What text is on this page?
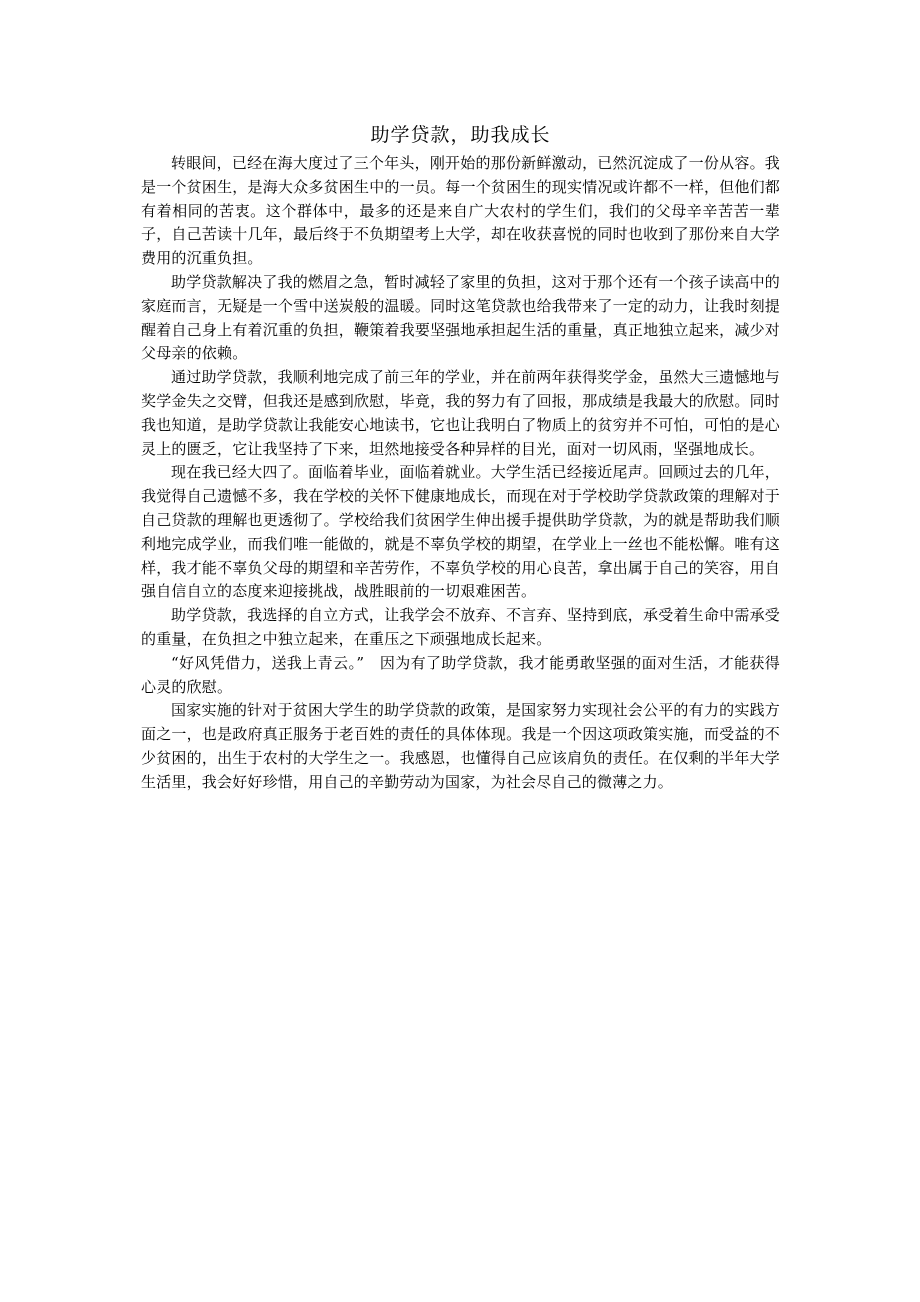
助学贷款，助我成长

转眼间，已经在海大度过了三个年头，刚开始的那份新鲜激动，已然沉淀成了一份从容。我是一个贫困生，是海大众多贫困生中的一员。每一个贫困生的现实情况或许都不一样，但他们都有着相同的苦衷。这个群体中，最多的还是来自广大农村的学生们，我们的父母辛辛苦苦一辈子，自己苦读十几年，最后终于不负期望考上大学，却在收获喜悦的同时也收到了那份来自大学费用的沉重负担。

助学贷款解决了我的燃眉之急，暂时减轻了家里的负担，这对于那个还有一个孩子读高中的家庭而言，无疑是一个雪中送炭般的温暖。同时这笔贷款也给我带来了一定的动力，让我时刻提醒着自己身上有着沉重的负担，鞭策着我要坚强地承担起生活的重量，真正地独立起来，减少对父母亲的依赖。

通过助学贷款，我顺利地完成了前三年的学业，并在前两年获得奖学金，虽然大三遗憾地与奖学金失之交臂，但我还是感到欣慰，毕竟，我的努力有了回报，那成绩是我最大的欣慰。同时我也知道，是助学贷款让我能安心地读书，它也让我明白了物质上的贫穷并不可怕，可怕的是心灵上的匮乏，它让我坚持了下来，坦然地接受各种异样的目光，面对一切风雨，坚强地成长。

现在我已经大四了。面临着毕业，面临着就业。大学生活已经接近尾声。回顾过去的几年，我觉得自己遗憾不多，我在学校的关怀下健康地成长，而现在对于学校助学贷款政策的理解对于自己贷款的理解也更透彻了。学校给我们贫困学生伸出援手提供助学贷款，为的就是帮助我们顺利地完成学业，而我们唯一能做的，就是不辜负学校的期望，在学业上一丝也不能松懈。唯有这样，我才能不辜负父母的期望和辛苦劳作，不辜负学校的用心良苦，拿出属于自己的笑容，用自强自信自立的态度来迎接挑战，战胜眼前的一切艰难困苦。

助学贷款，我选择的自立方式，让我学会不放弃、不言弃、坚持到底，承受着生命中需承受的重量，在负担之中独立起来，在重压之下顽强地成长起来。

“好风凭借力，送我上青云。”　因为有了助学贷款，我才能勇敢坚强的面对生活，才能获得心灵的欣慰。

国家实施的针对于贫困大学生的助学贷款的政策，是国家努力实现社会公平的有力的实践方面之一，也是政府真正服务于老百姓的责任的具体体现。我是一个因这项政策实施，而受益的不少贫困的，出生于农村的大学生之一。我感恩，也懂得自己应该肩负的责任。在仅剩的半年大学生活里，我会好好珍惜，用自己的辛勤劳动为国家，为社会尽自己的微薄之力。
